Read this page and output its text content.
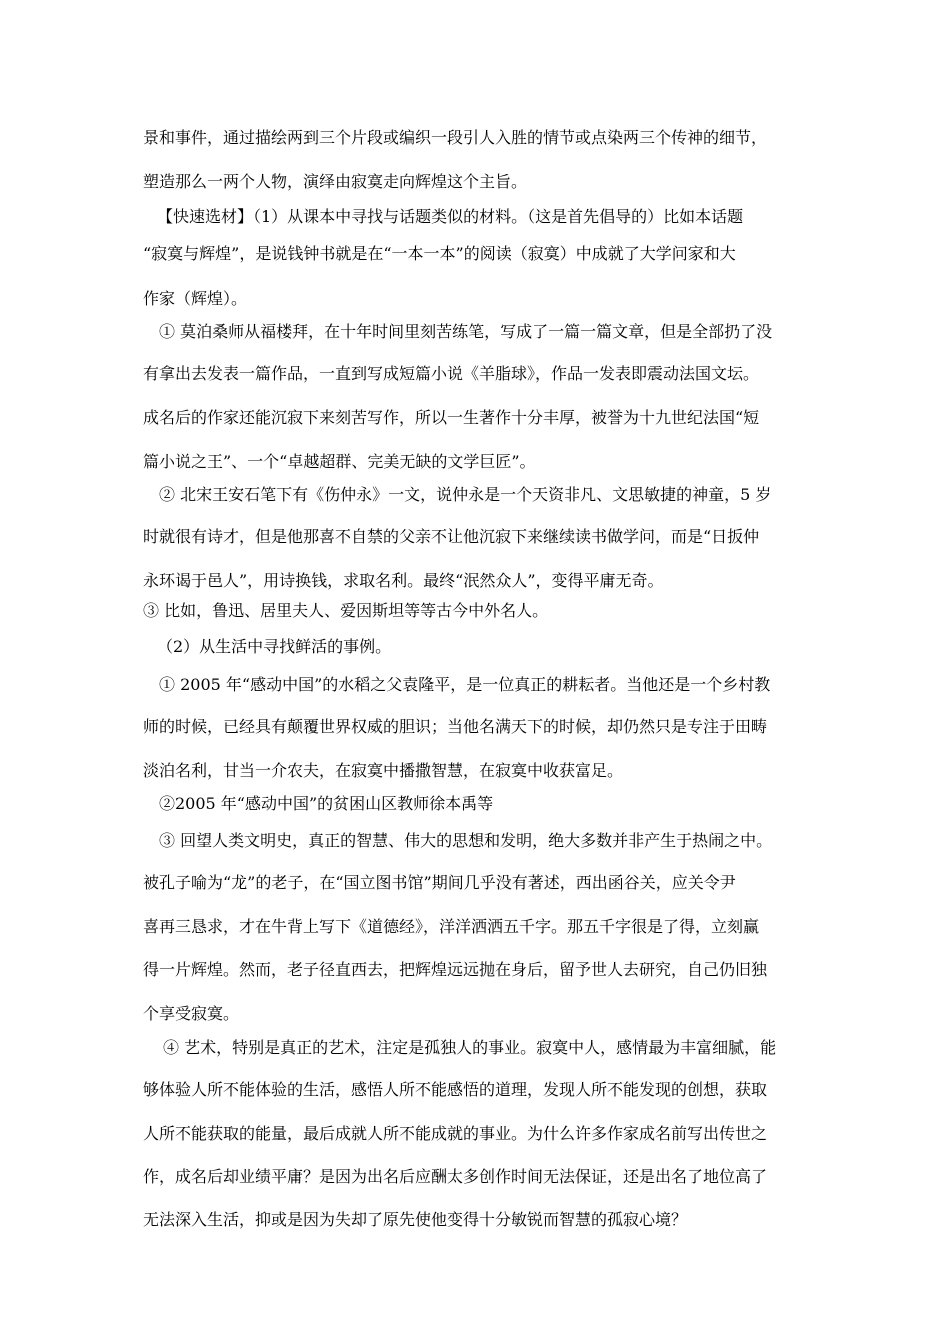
景和事件，通过描绘两到三个片段或编织一段引人入胜的情节或点染两三个传神的细节，

塑造那么一两个人物，演绎由寂寞走向辉煌这个主旨。

【快速选材】（1）从课本中寻找与话题类似的材料。（这是首先倡导的）比如本话题

“寂寞与辉煌”，是说钱钟书就是在“一本一本”的阅读（寂寞）中成就了大学问家和大

作家（辉煌）。

① 莫泊桑师从福楼拜，在十年时间里刻苦练笔，写成了一篇一篇文章，但是全部扔了没

有拿出去发表一篇作品，一直到写成短篇小说《羊脂球》，作品一发表即震动法国文坛。

成名后的作家还能沉寂下来刻苦写作，所以一生著作十分丰厚，被誉为十九世纪法国“短

篇小说之王”、一个“卓越超群、完美无缺的文学巨匠”。

② 北宋王安石笔下有《伤仲永》一文，说仲永是一个天资非凡、文思敏捷的神童，5 岁

时就很有诗才，但是他那喜不自禁的父亲不让他沉寂下来继续读书做学问，而是“日扳仲

永环谒于邑人”，用诗换钱，求取名利。最终“泯然众人”，变得平庸无奇。

③ 比如，鲁迅、居里夫人、爱因斯坦等等古今中外名人。

（2）从生活中寻找鲜活的事例。

① 2005 年“感动中国”的水稻之父袁隆平，是一位真正的耕耘者。当他还是一个乡村教

师的时候，已经具有颠覆世界权威的胆识；当他名满天下的时候，却仍然只是专注于田畴

淡泊名利，甘当一介农夫，在寂寞中播撒智慧，在寂寞中收获富足。

②2005 年“感动中国”的贫困山区教师徐本禹等

③ 回望人类文明史，真正的智慧、伟大的思想和发明，绝大多数并非产生于热闹之中。

被孔子喻为“龙”的老子，在“国立图书馆”期间几乎没有著述，西出函谷关，应关令尹

喜再三恳求，才在牛背上写下《道德经》，洋洋洒洒五千字。那五千字很是了得，立刻赢

得一片辉煌。然而，老子径直西去，把辉煌远远抛在身后，留予世人去研究，自己仍旧独

个享受寂寞。

④ 艺术，特别是真正的艺术，注定是孤独人的事业。寂寞中人，感情最为丰富细腻，能

够体验人所不能体验的生活，感悟人所不能感悟的道理，发现人所不能发现的创想，获取

人所不能获取的能量，最后成就人所不能成就的事业。为什么许多作家成名前写出传世之

作，成名后却业绩平庸？是因为出名后应酬太多创作时间无法保证，还是出名了地位高了

无法深入生活，抑或是因为失却了原先使他变得十分敏锐而智慧的孤寂心境？
